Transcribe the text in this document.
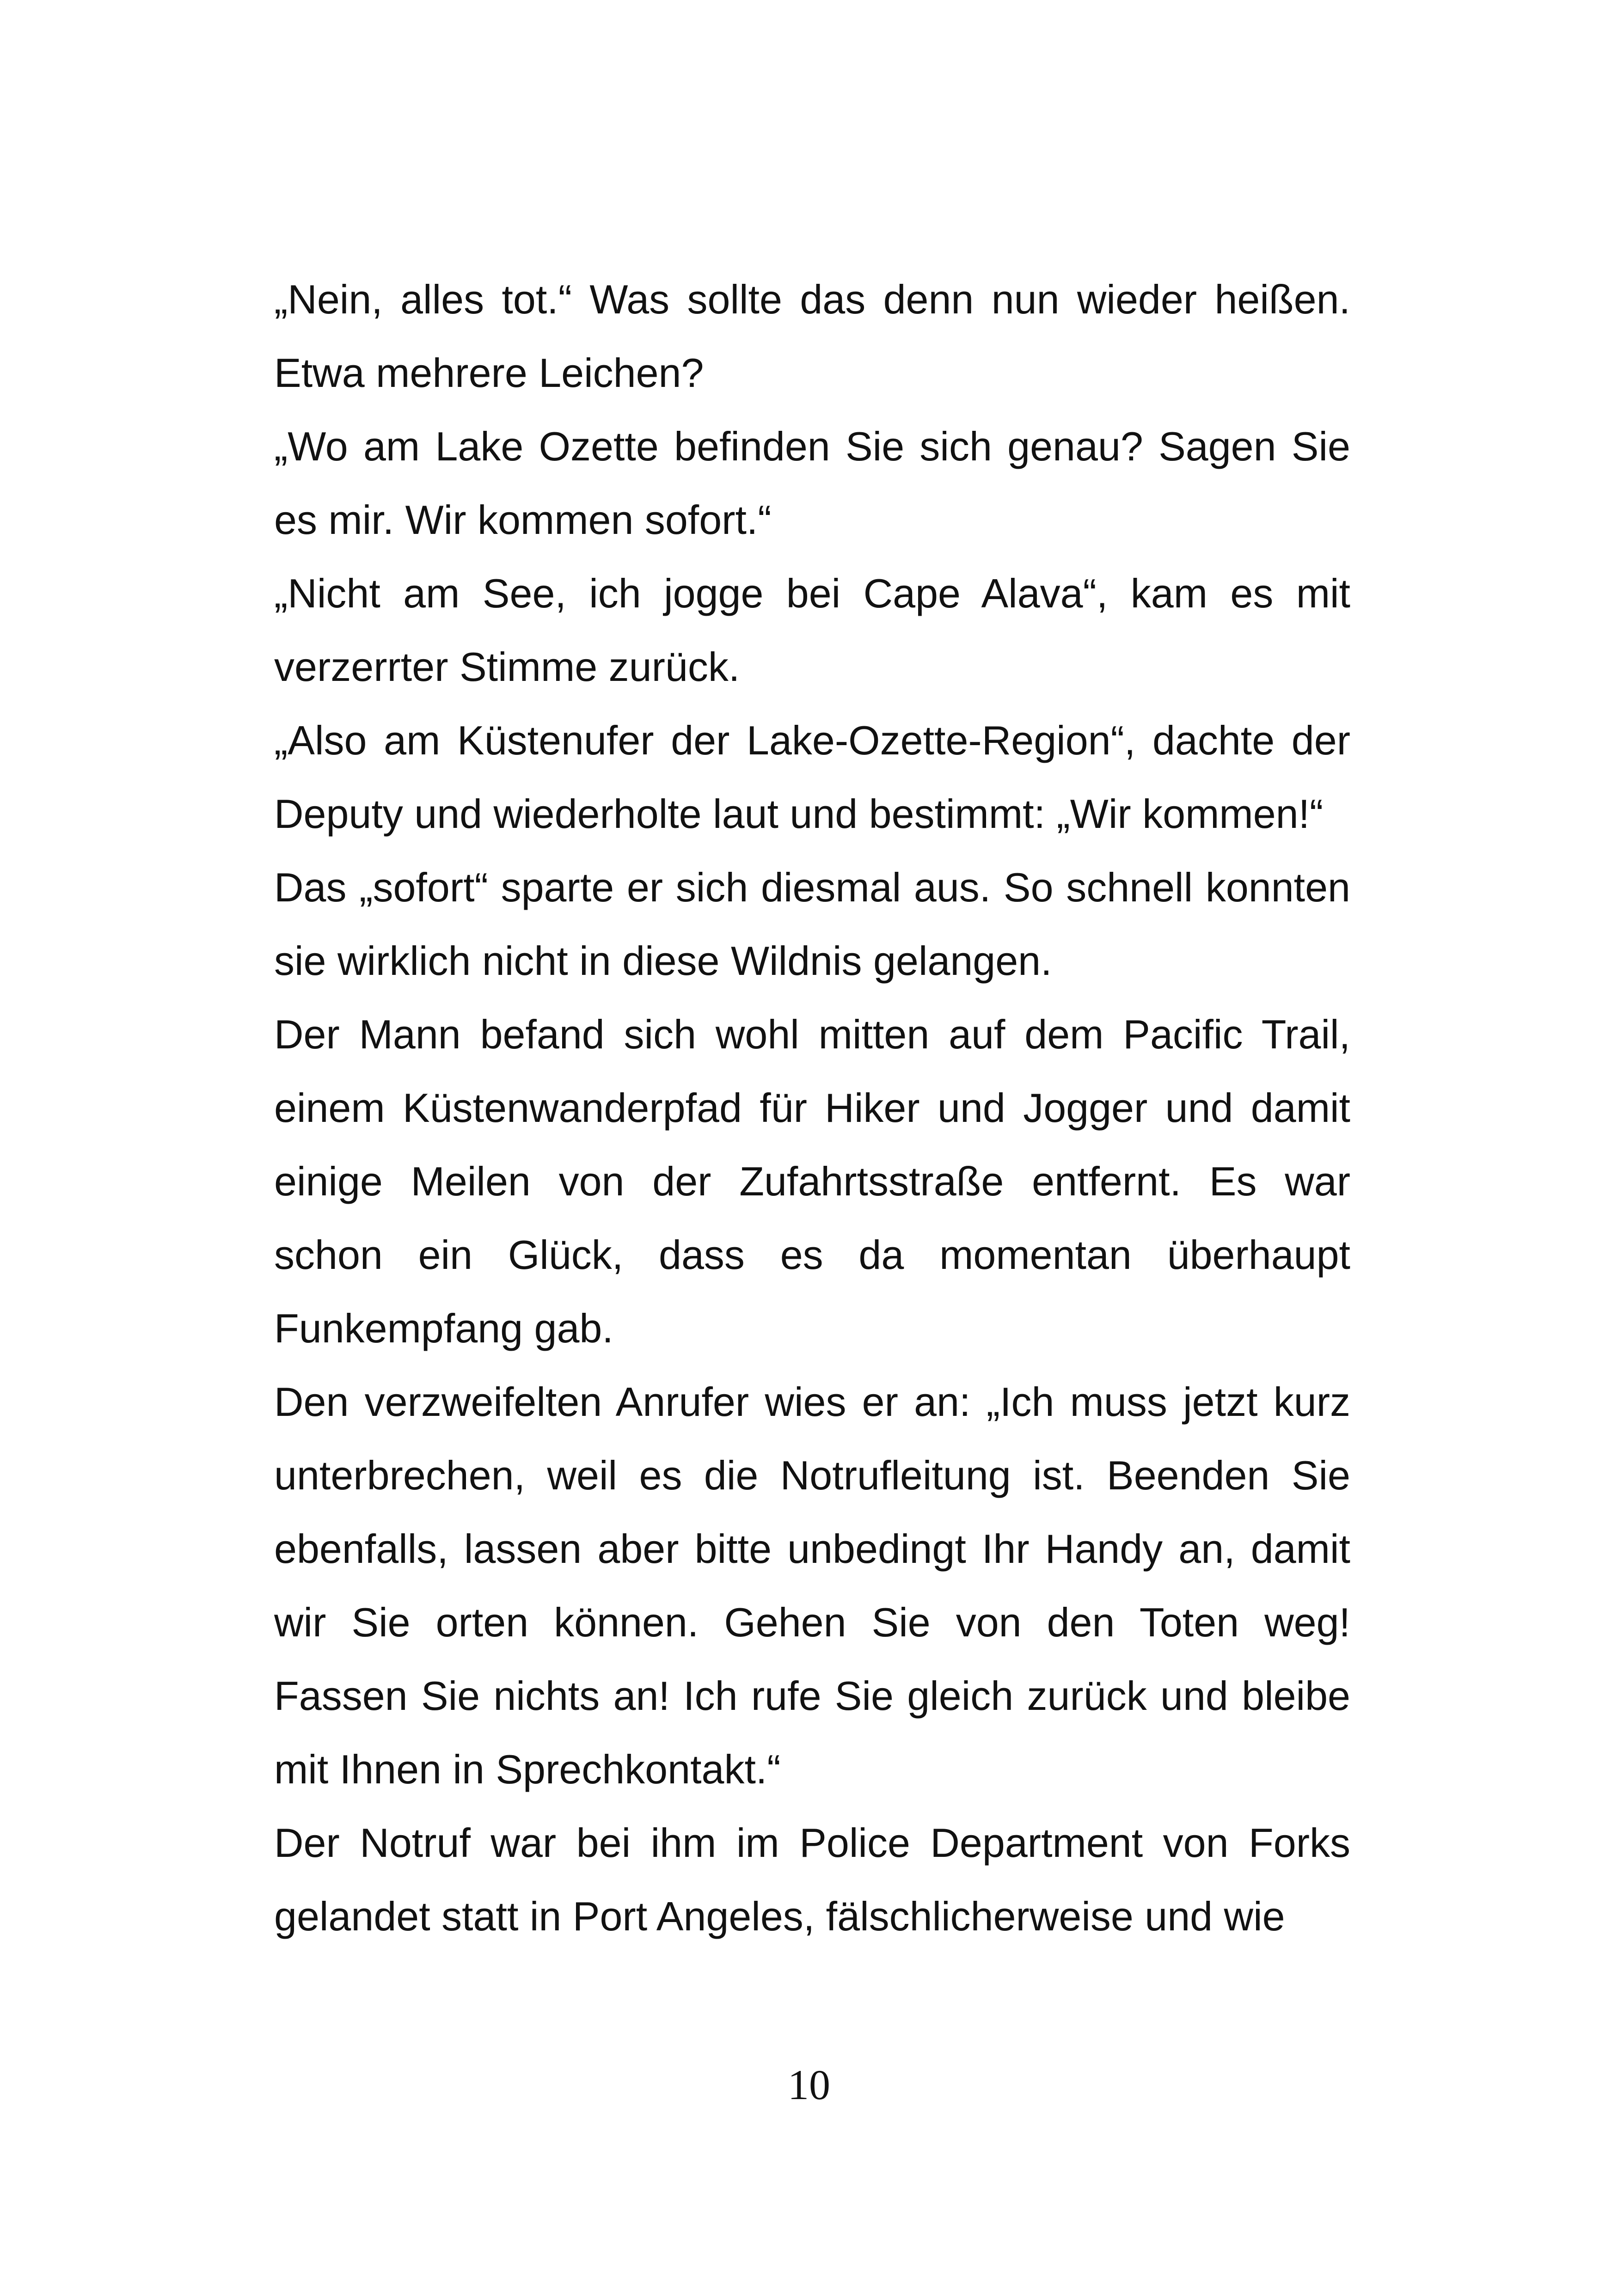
„Nein, alles tot.“ Was sollte das denn nun wieder heißen. Etwa mehrere Leichen?

„Wo am Lake Ozette befinden Sie sich genau? Sagen Sie es mir. Wir kommen sofort.“

„Nicht am See, ich jogge bei Cape Alava“, kam es mit verzerrter Stimme zurück.

„Also am Küstenufer der Lake-Ozette-Region“, dachte der Deputy und wiederholte laut und bestimmt: „Wir kommen!“

Das „sofort“ sparte er sich diesmal aus. So schnell konnten sie wirklich nicht in diese Wildnis gelangen.

Der Mann befand sich wohl mitten auf dem Pacific Trail, einem Küstenwanderpfad für Hiker und Jogger und damit einige Meilen von der Zufahrtsstraße entfernt. Es war schon ein Glück, dass es da momentan überhaupt Funkempfang gab.

Den verzweifelten Anrufer wies er an: „Ich muss jetzt kurz unterbrechen, weil es die Notrufleitung ist. Beenden Sie ebenfalls, lassen aber bitte unbedingt Ihr Handy an, damit wir Sie orten können. Gehen Sie von den Toten weg! Fassen Sie nichts an! Ich rufe Sie gleich zurück und bleibe mit Ihnen in Sprechkontakt.“

Der Notruf war bei ihm im Police Department von Forks gelandet statt in Port Angeles, fälschlicherweise und wie

10
